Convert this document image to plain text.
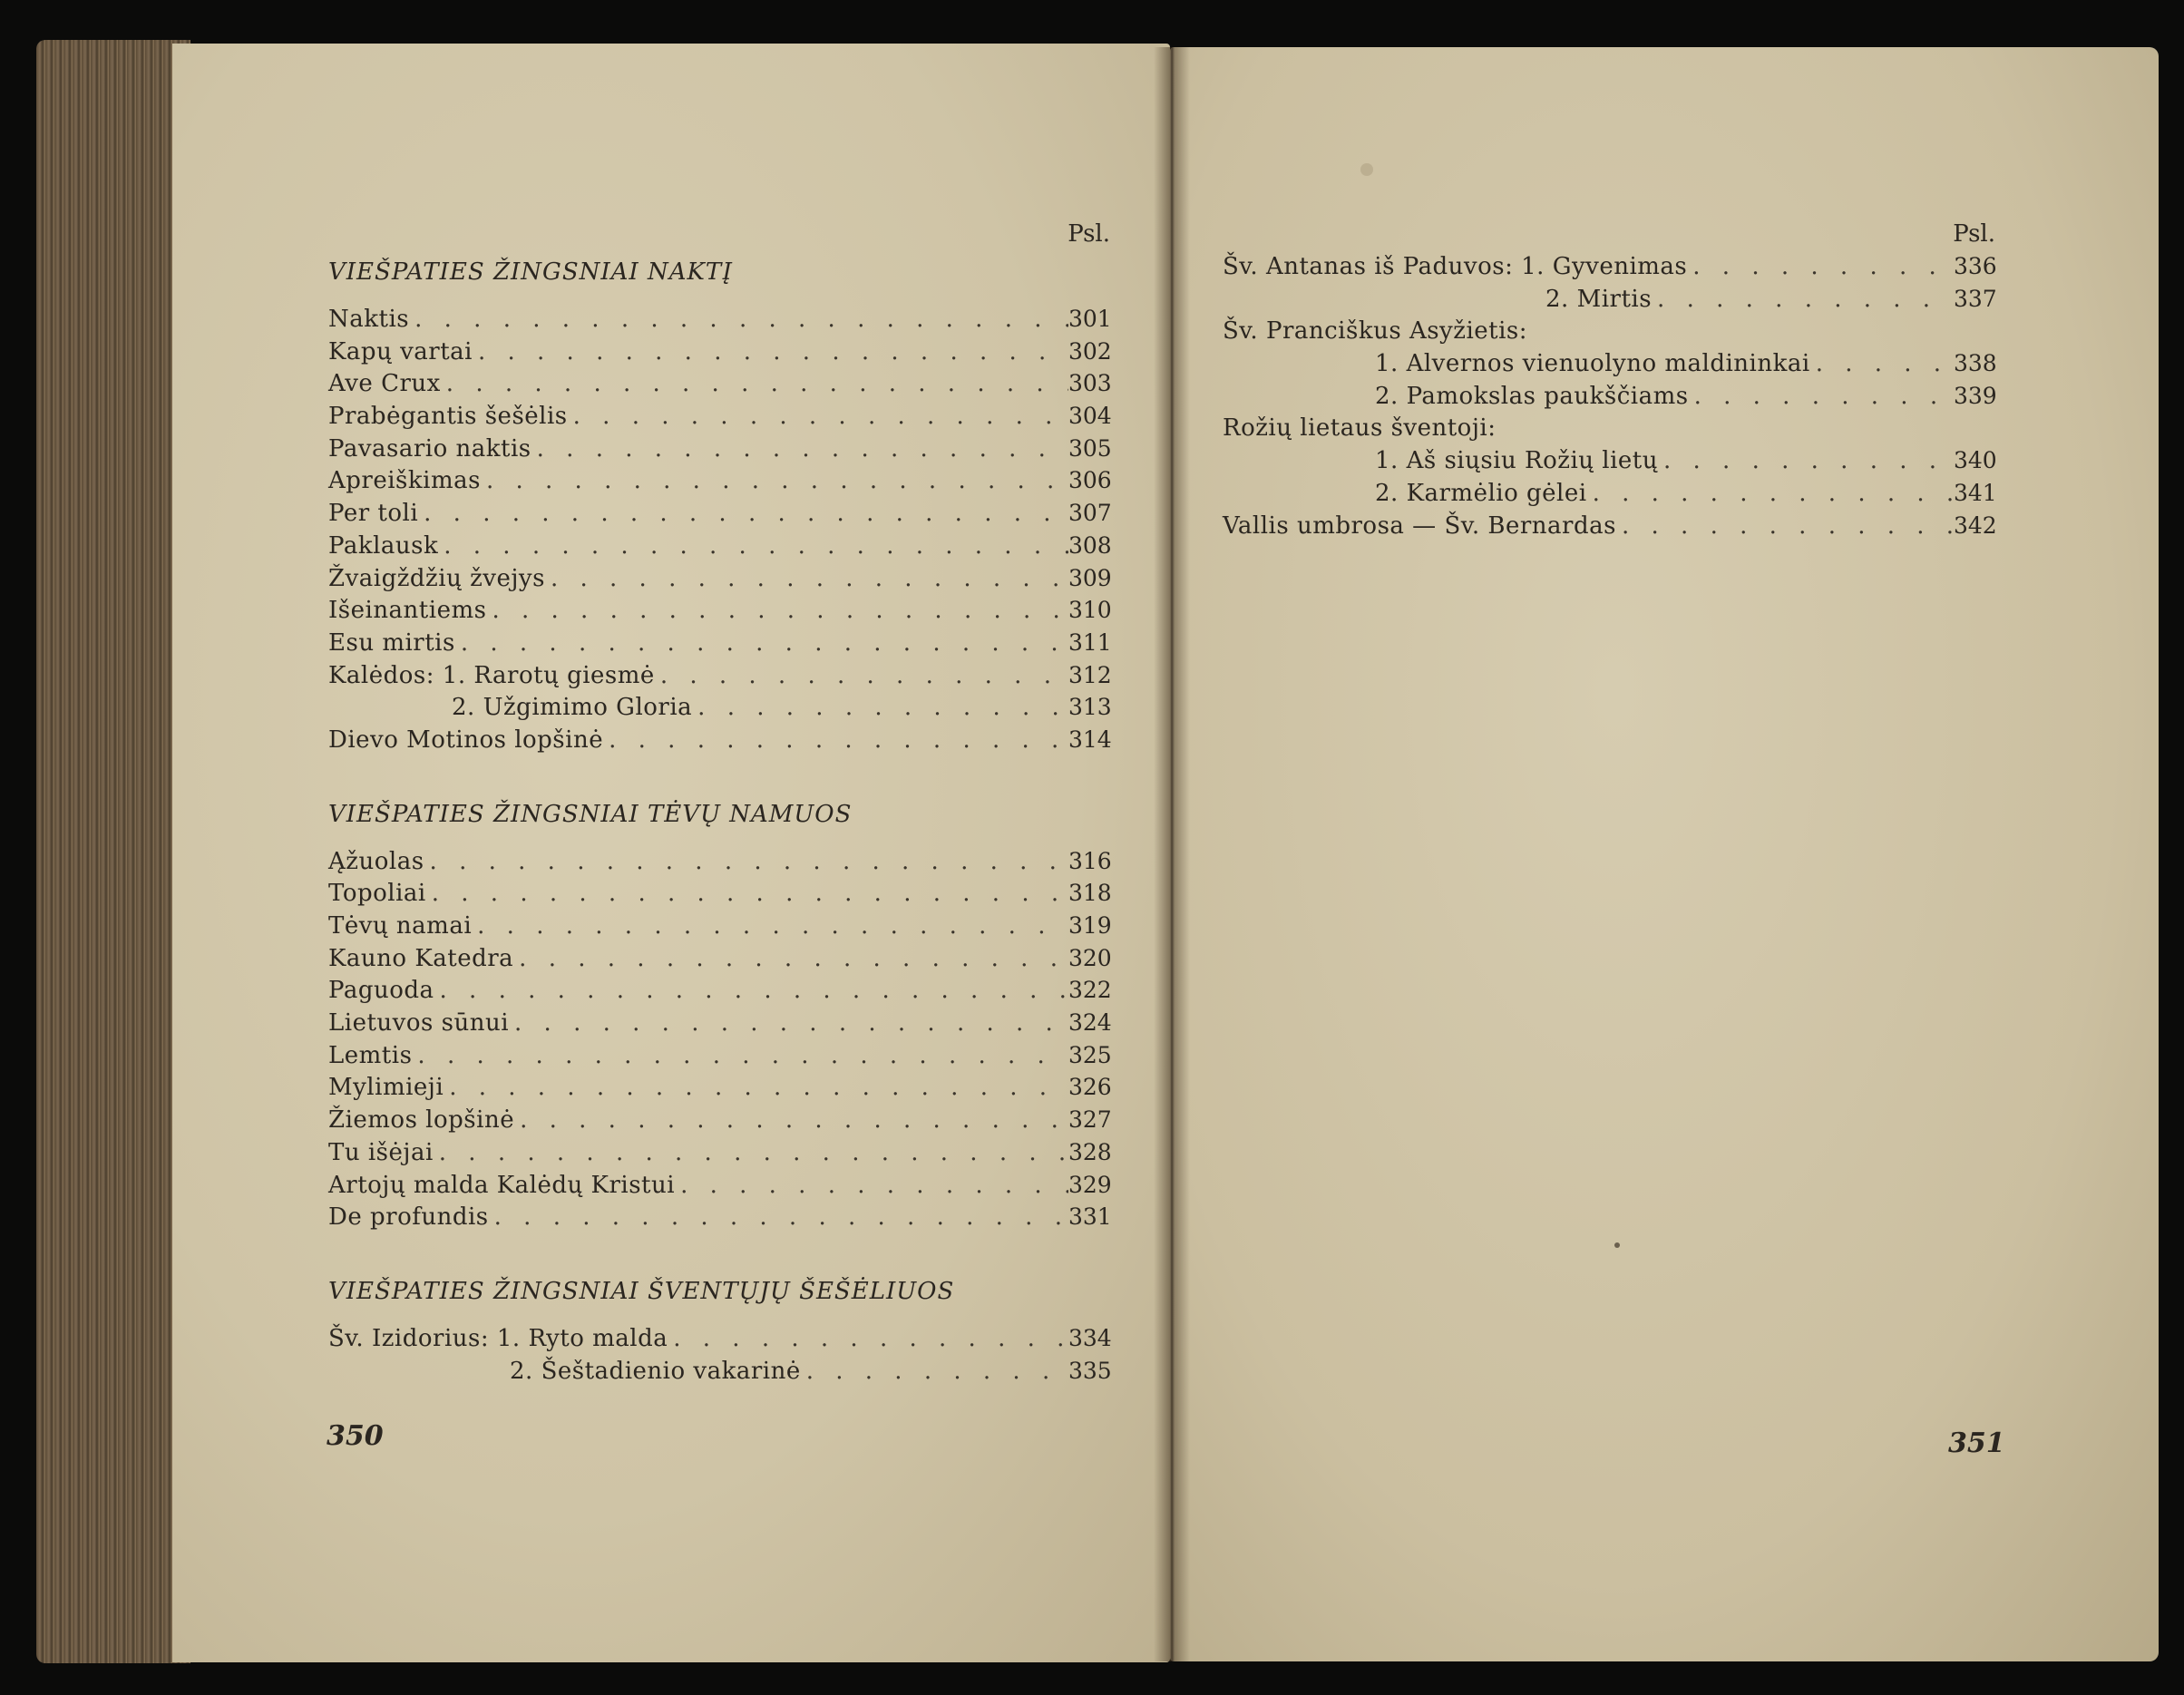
Psl.
VIEŠPATIES ŽINGSNIAI NAKTĮ
Naktis . . .	301
Kapų vartai . . .	302
Ave Crux . . .	303
Prabėgantis šešėlis . . .	304
Pavasario naktis . . .	305
Apreiškimas . . .	306
Per toli . . .	307
Paklausk . . .	308
Žvaigždžių žvejys . . .	309
Išeinantiems . . .	310
Esu mirtis . . .	311
Kalėdos: 1. Rarotų giesmė . . .	312
2. Užgimimo Gloria . . .	313
Dievo Motinos lopšinė . . .	314
VIEŠPATIES ŽINGSNIAI TĖVŲ NAMUOS
Ąžuolas . . .	316
Topoliai . . .	318
Tėvų namai . . .	319
Kauno Katedra . . .	320
Paguoda . . .	322
Lietuvos sūnui . . .	324
Lemtis . . .	325
Mylimieji . . .	326
Žiemos lopšinė . . .	327
Tu išėjai . . .	328
Artojų malda Kalėdų Kristui . . .	329
De profundis . . .	331
VIEŠPATIES ŽINGSNIAI ŠVENTŲJŲ ŠEŠĖLIUOS
Šv. Izidorius: 1. Ryto malda . . .	334
2. Šeštadienio vakarinė . . .	335
350
Psl.
Šv. Antanas iš Paduvos: 1. Gyvenimas . . .	336
2. Mirtis . . .	337
Šv. Pranciškus Asyžietis:
1. Alvernos vienuolyno maldininkai . . .	338
2. Pamokslas paukščiams . . .	339
Rožių lietaus šventoji:
1. Aš siųsiu Rožių lietų . . .	340
2. Karmėlio gėlei . . .	341
Vallis umbrosa — Šv. Bernardas . . .	342
351
